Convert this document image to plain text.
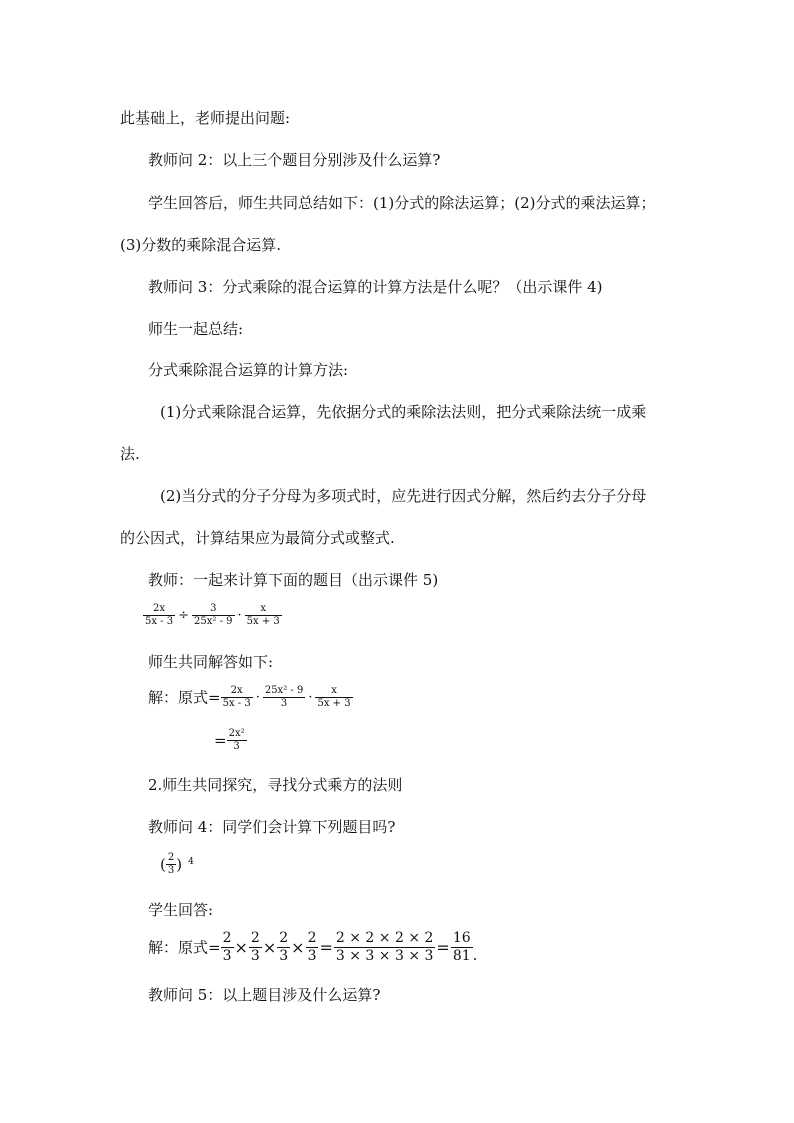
此基础上，老师提出问题:
教师问 2：以上三个题目分别涉及什么运算?
学生回答后，师生共同总结如下：(1)分式的除法运算；(2)分式的乘法运算；
(3)分数的乘除混合运算.
教师问 3：分式乘除的混合运算的计算方法是什么呢？（出示课件 4)
师生一起总结:
分式乘除混合运算的计算方法:
(1)分式乘除混合运算，先依据分式的乘除法法则，把分式乘除法统一成乘
法.
(2)当分式的分子分母为多项式时，应先进行因式分解，然后约去分子分母
的公因式，计算结果应为最简分式或整式.
教师：一起来计算下面的题目（出示课件 5)
$\frac{2x}{5x - 3} \div \frac{3}{\text{25x² - 9}} \cdot \frac{x}{5x + 3}$
师生共同解答如下:
解：原式= $\frac{2x}{5x - 3} \cdot \frac{\text{25x² - 9}}{3} \cdot \frac{x}{5x + 3}$
= $\frac{\text{2x²}}{3}$
2.师生共同探究，寻找分式乘方的法则
教师问 4：同学们会计算下列题目吗?
( $\frac{2}{3}$ ) $^4$
学生回答:
解：原式= $\frac{2}{3} \times \frac{2}{3} \times \frac{2}{3} \times \frac{2}{3} = \frac{2 \times 2 \times 2 \times 2}{3 \times 3 \times 3 \times 3} = \frac{16}{81}$ .
教师问 5：以上题目涉及什么运算?
